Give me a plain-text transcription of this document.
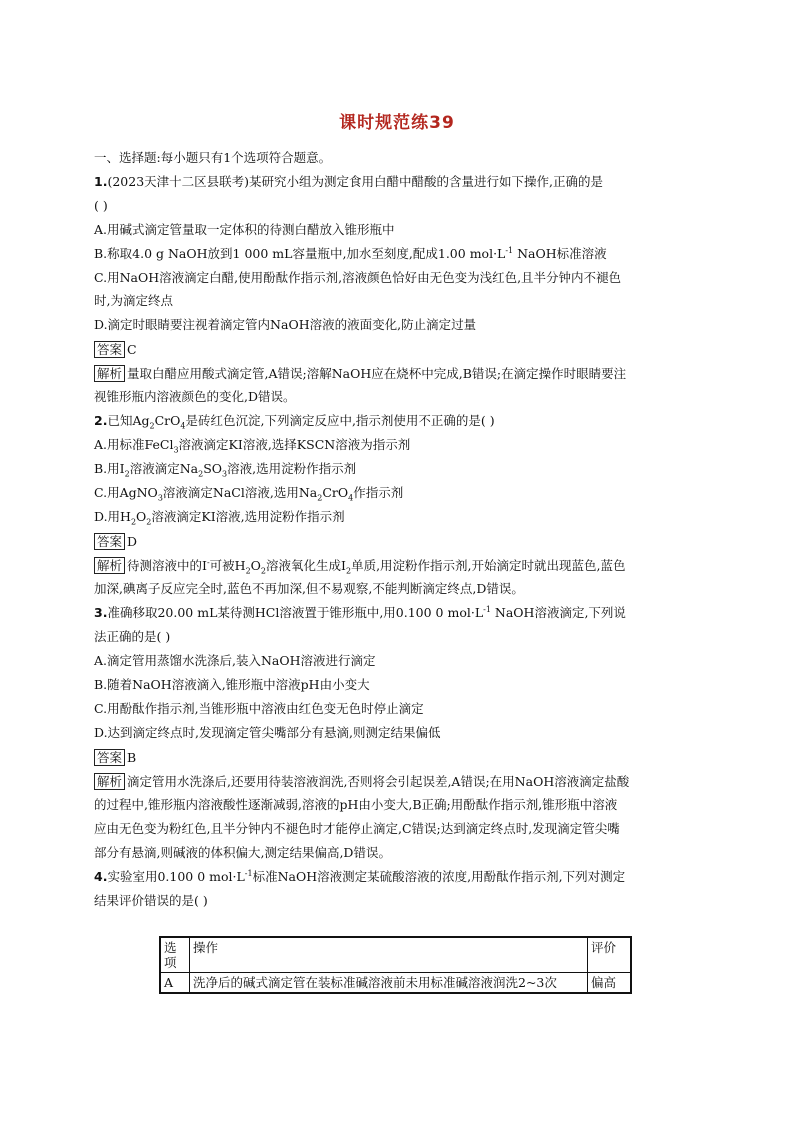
课时规范练39
一、选择题:每小题只有1个选项符合题意。
1.(2023天津十二区县联考)某研究小组为测定食用白醋中醋酸的含量进行如下操作,正确的是
( )
A.用碱式滴定管量取一定体积的待测白醋放入锥形瓶中
B.称取4.0 g NaOH放到1 000 mL容量瓶中,加水至刻度,配成1.00 $mol\cdot L^{-1}$ NaOH标准溶液
C.用NaOH溶液滴定白醋,使用酚酞作指示剂,溶液颜色恰好由无色变为浅红色,且半分钟内不褪色
时,为滴定终点
D.滴定时眼睛要注视着滴定管内NaOH溶液的液面变化,防止滴定过量
答案 C
解析 量取白醋应用酸式滴定管,A错误;溶解NaOH应在烧杯中完成,B错误;在滴定操作时眼睛要注
视锥形瓶内溶液颜色的变化,D错误。
2.已知$Ag_2CrO_4$是砖红色沉淀,下列滴定反应中,指示剂使用不正确的是( )
A.用标准FeCl$_3$溶液滴定KI溶液,选择KSCN溶液为指示剂
B.用$I_2$溶液滴定$Na_2SO_3$溶液,选用淀粉作指示剂
C.用AgNO$_3$溶液滴定NaCl溶液,选用$Na_2CrO_4$作指示剂
D.用$H_2O_2$溶液滴定KI溶液,选用淀粉作指示剂
答案 D
解析 待测溶液中的I-可被$H_2O_2$溶液氧化生成$I_2$单质,用淀粉作指示剂,开始滴定时就出现蓝色,蓝色
加深,碘离子反应完全时,蓝色不再加深,但不易观察,不能判断滴定终点,D错误。
3.准确移取20.00 mL某待测HCl溶液置于锥形瓶中,用0.100 0 $mol\cdot L^{-1}$ NaOH溶液滴定,下列说
法正确的是( )
A.滴定管用蒸馏水洗涤后,装入NaOH溶液进行滴定
B.随着NaOH溶液滴入,锥形瓶中溶液pH由小变大
C.用酚酞作指示剂,当锥形瓶中溶液由红色变无色时停止滴定
D.达到滴定终点时,发现滴定管尖嘴部分有悬滴,则测定结果偏低
答案 B
解析 滴定管用水洗涤后,还要用待装溶液润洗,否则将会引起误差,A错误;在用NaOH溶液滴定盐酸
的过程中,锥形瓶内溶液酸性逐渐减弱,溶液的pH由小变大,B正确;用酚酞作指示剂,锥形瓶中溶液
应由无色变为粉红色,且半分钟内不褪色时才能停止滴定,C错误;达到滴定终点时,发现滴定管尖嘴
部分有悬滴,则碱液的体积偏大,测定结果偏高,D错误。
4.实验室用0.100 0 $mol\cdot L^{-1}$标准NaOH溶液测定某硫酸溶液的浓度,用酚酞作指示剂,下列对测定
结果评价错误的是( )
选项	操作	评价
A	洗净后的碱式滴定管在装标准碱溶液前未用标准碱溶液润洗2~3次	偏高
